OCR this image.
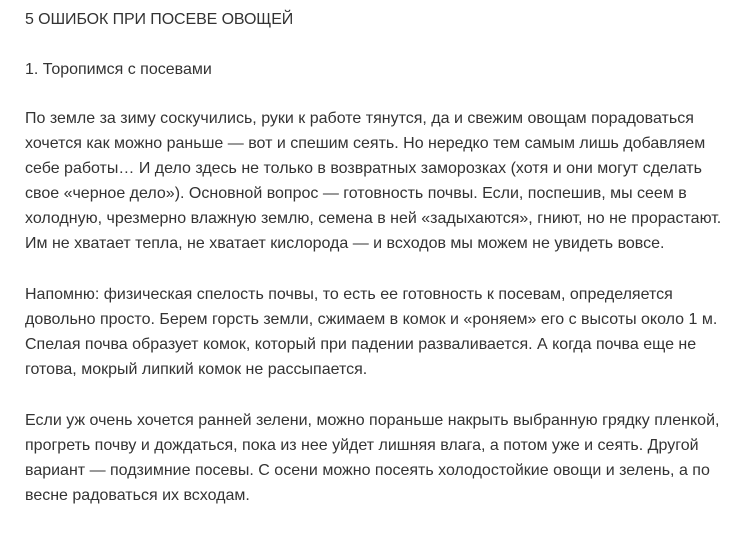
5 ОШИБОК ПРИ ПОСЕВЕ ОВОЩЕЙ
1. Торопимся с посевами

По земле за зиму соскучились, руки к работе тянутся, да и свежим овощам порадоваться хочется как можно раньше — вот и спешим сеять. Но нередко тем самым лишь добавляем себе работы… И дело здесь не только в возвратных заморозках (хотя и они могут сделать свое «черное дело»). Основной вопрос — готовность почвы. Если, поспешив, мы сеем в холодную, чрезмерно влажную землю, семена в ней «задыхаются», гниют, но не прорастают. Им не хватает тепла, не хватает кислорода — и всходов мы можем не увидеть вовсе.

Напомню: физическая спелость почвы, то есть ее готовность к посевам, определяется довольно просто. Берем горсть земли, сжимаем в комок и «роняем» его с высоты около 1 м. Спелая почва образует комок, который при падении разваливается. А когда почва еще не готова, мокрый липкий комок не рассыпается.

Если уж очень хочется ранней зелени, можно пораньше накрыть выбранную грядку пленкой, прогреть почву и дождаться, пока из нее уйдет лишняя влага, а потом уже и сеять. Другой вариант — подзимние посевы. С осени можно посеять холодостойкие овощи и зелень, а по весне радоваться их всходам.
